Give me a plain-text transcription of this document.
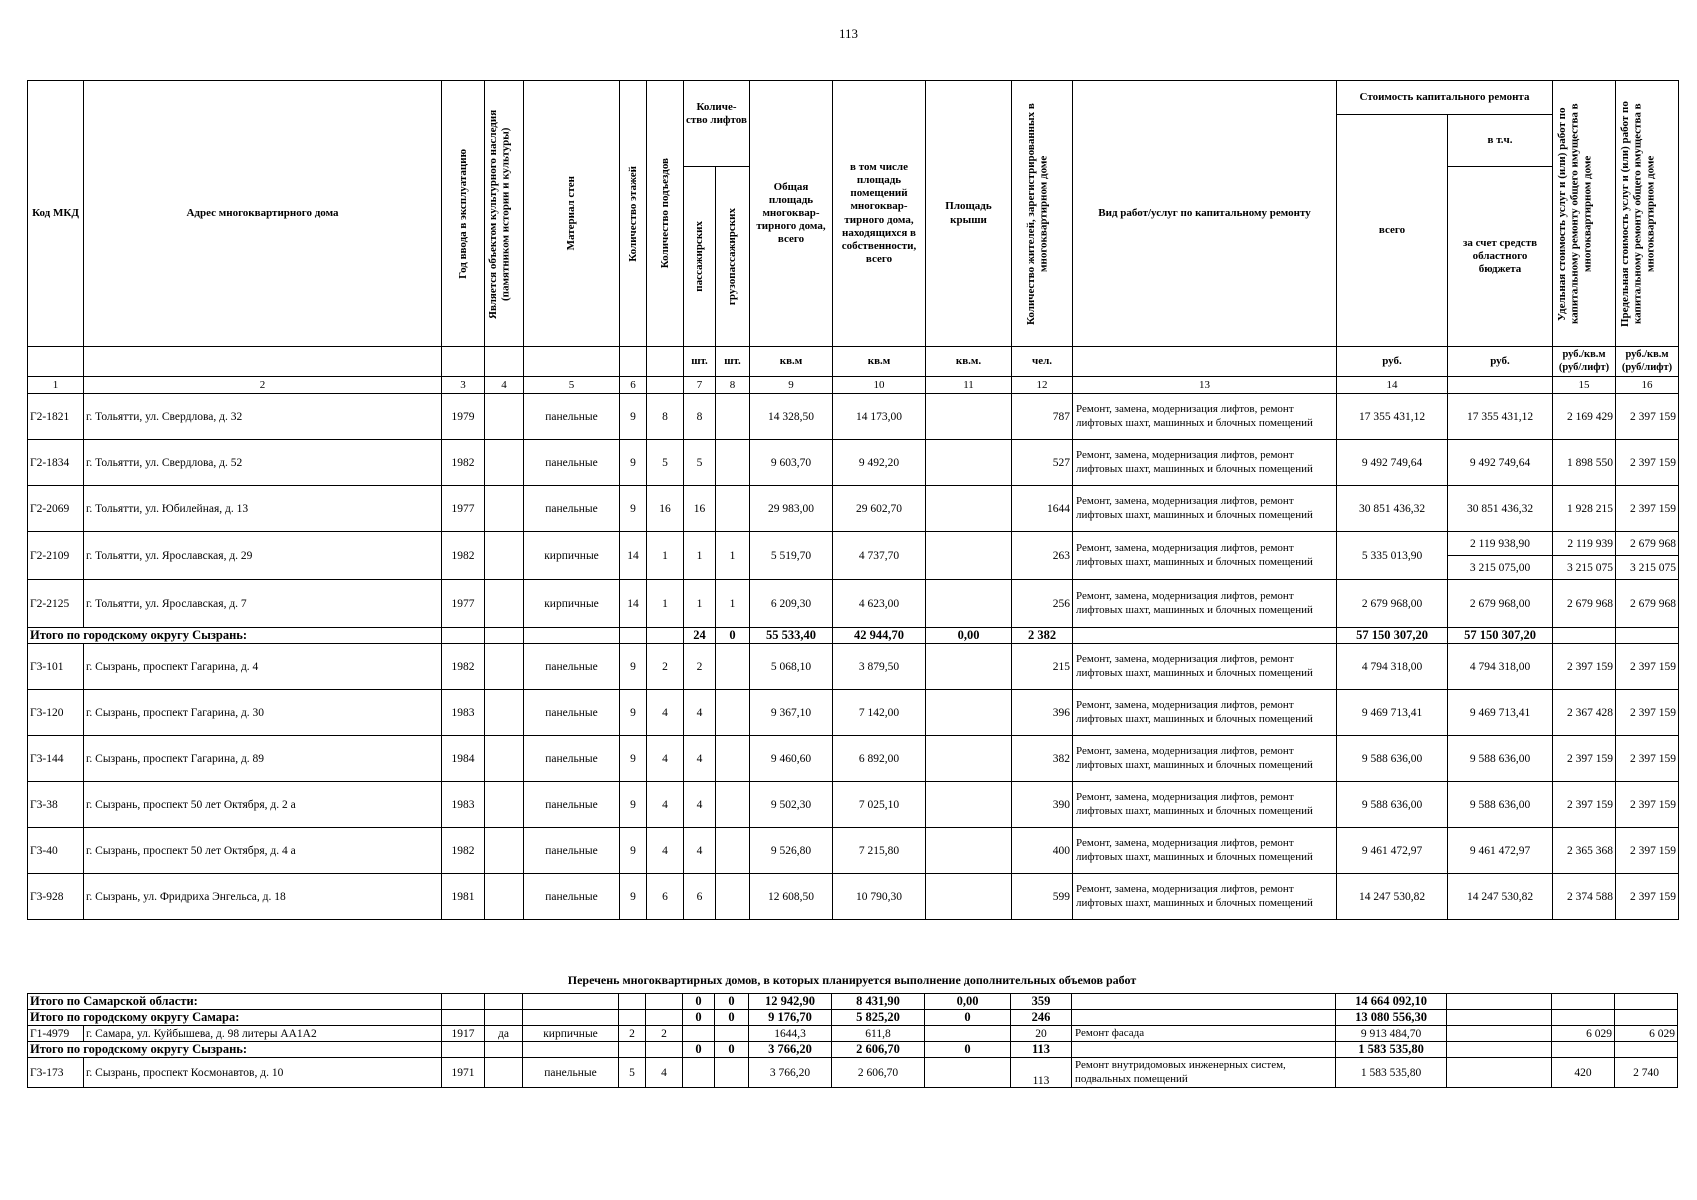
113
Код МКД	Адрес многоквартирного дома	Год ввода в эксплуатацию	Является объектом культурного наследия (памятником истории и культуры)	Материал стен	Количество этажей	Количество подъездов	Количе-ство лифтов		Общая площадь многоквар-тирного дома, всего	в том числе площадь помещений многоквар-тирного дома, находящихся в собственности, всего	Площадь крыши	Количество жителей, зарегистрированных в многоквартирном доме	Вид работ/услуг по капитальному ремонту	Стоимость капитального ремонта		Удельная стоимость услуг и (или) работ по капитальному ремонту общего имущества в многоквартирном доме	Предельная стоимость услуг и (или) работ по капитальному ремонту общего имущества в многоквартирном доме

														всего	в т.ч.		

							пассажирских	грузопассажирских							за счет средств областного бюджета		
							шт.	шт.	кв.м	кв.м	кв.м.	чел.		руб.	руб.	руб./кв.м (руб/лифт)	руб./кв.м (руб/лифт)
1	2	3	4	5	6		7	8	9	10	11	12	13	14		15	16
Г2-1821	г. Тольятти, ул. Свердлова, д. 32	1979		панельные	9	8	8		14 328,50	14 173,00		787	Ремонт, замена, модернизация лифтов, ремонт лифтовых шахт, машинных и блочных помещений	17 355 431,12	17 355 431,12	2 169 429	2 397 159
Г2-1834	г. Тольятти, ул. Свердлова, д. 52	1982		панельные	9	5	5		9 603,70	9 492,20		527	Ремонт, замена, модернизация лифтов, ремонт лифтовых шахт, машинных и блочных помещений	9 492 749,64	9 492 749,64	1 898 550	2 397 159
Г2-2069	г. Тольятти, ул. Юбилейная, д. 13	1977		панельные	9	16	16		29 983,00	29 602,70		1644	Ремонт, замена, модернизация лифтов, ремонт лифтовых шахт, машинных и блочных помещений	30 851 436,32	30 851 436,32	1 928 215	2 397 159
Г2-2109	г. Тольятти, ул. Ярославская, д. 29	1982		кирпичные	14	1	1	1	5 519,70	4 737,70		263	Ремонт, замена, модернизация лифтов, ремонт лифтовых шахт, машинных и блочных помещений	5 335 013,90	2 119 938,90	2 119 939	2 679 968
															3 215 075,00	3 215 075	3 215 075
Г2-2125	г. Тольятти, ул. Ярославская, д. 7	1977		кирпичные	14	1	1	1	6 209,30	4 623,00		256	Ремонт, замена, модернизация лифтов, ремонт лифтовых шахт, машинных и блочных помещений	2 679 968,00	2 679 968,00	2 679 968	2 679 968
Итого по городскому округу Сызрань:							24	0	55 533,40	42 944,70	0,00	2 382		57 150 307,20	57 150 307,20		
Г3-101	г. Сызрань, проспект Гагарина, д. 4	1982		панельные	9	2	2		5 068,10	3 879,50		215	Ремонт, замена, модернизация лифтов, ремонт лифтовых шахт, машинных и блочных помещений	4 794 318,00	4 794 318,00	2 397 159	2 397 159
Г3-120	г. Сызрань, проспект Гагарина, д. 30	1983		панельные	9	4	4		9 367,10	7 142,00		396	Ремонт, замена, модернизация лифтов, ремонт лифтовых шахт, машинных и блочных помещений	9 469 713,41	9 469 713,41	2 367 428	2 397 159
Г3-144	г. Сызрань, проспект Гагарина, д. 89	1984		панельные	9	4	4		9 460,60	6 892,00		382	Ремонт, замена, модернизация лифтов, ремонт лифтовых шахт, машинных и блочных помещений	9 588 636,00	9 588 636,00	2 397 159	2 397 159
Г3-38	г. Сызрань, проспект 50 лет Октября, д. 2 а	1983		панельные	9	4	4		9 502,30	7 025,10		390	Ремонт, замена, модернизация лифтов, ремонт лифтовых шахт, машинных и блочных помещений	9 588 636,00	9 588 636,00	2 397 159	2 397 159
Г3-40	г. Сызрань, проспект 50 лет Октября, д. 4 а	1982		панельные	9	4	4		9 526,80	7 215,80		400	Ремонт, замена, модернизация лифтов, ремонт лифтовых шахт, машинных и блочных помещений	9 461 472,97	9 461 472,97	2 365 368	2 397 159
Г3-928	г. Сызрань, ул. Фридриха Энгельса, д. 18	1981		панельные	9	6	6		12 608,50	10 790,30		599	Ремонт, замена, модернизация лифтов, ремонт лифтовых шахт, машинных и блочных помещений	14 247 530,82	14 247 530,82	2 374 588	2 397 159
Перечень многоквартирных домов, в которых планируется выполнение дополнительных объемов работ
Итого по Самарской области:							0	0	12 942,90	8 431,90	0,00	359		14 664 092,10			
Итого по городскому округу Самара:							0	0	9 176,70	5 825,20	0	246		13 080 556,30			
Г1-4979	г. Самара, ул. Куйбышева, д. 98 литеры АА1А2	1917	да	кирпичные	2	2			1644,3	611,8		20	Ремонт фасада	9 913 484,70		6 029	6 029
Итого по городскому округу Сызрань:							0	0	3 766,20	2 606,70	0	113		1 583 535,80			
Г3-173	г. Сызрань, проспект Космонавтов, д. 10	1971		панельные	5	4			3 766,20	2 606,70		113	Ремонт внутридомовых инженерных систем, подвальных помещений	1 583 535,80		420	2 740
